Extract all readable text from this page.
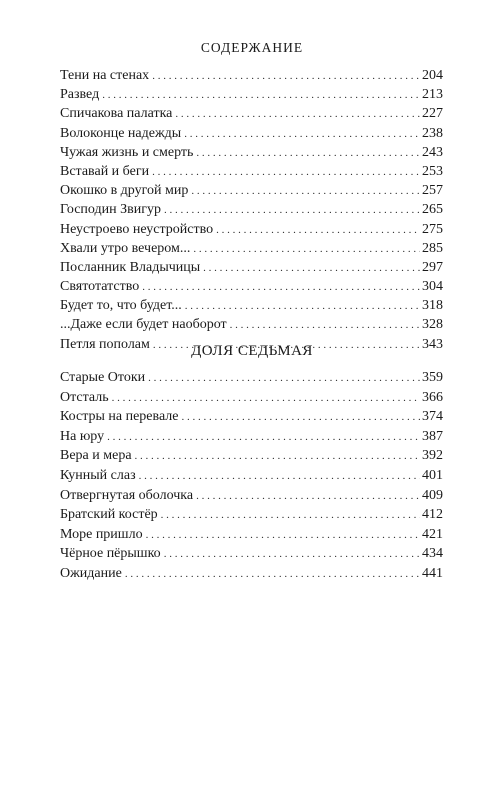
СОДЕРЖАНИЕ
Тени на стенах . . .	204
Развед . . .	213
Спичакова палатка . . .	227
Волоконце надежды . . .	238
Чужая жизнь и смерть . . .	243
Вставай и беги . . .	253
Окошко в другой мир . . .	257
Господин Звигур . . .	265
Неустроево неустройство . . .	275
Хвали утро вечером... . . .	285
Посланник Владычицы . . .	297
Святотатство . . .	304
Будет то, что будет... . . .	318
...Даже если будет наоборот . . .	328
Петля пополам . . .	343
ДОЛЯ СЕДЬМАЯ
Старые Отоки . . .	359
Отсталь . . .	366
Костры на перевале . . .	374
На юру . . .	387
Вера и мера . . .	392
Кунный слаз . . .	401
Отвергнутая оболочка . . .	409
Братский костёр . . .	412
Море пришло . . .	421
Чёрное пёрышко . . .	434
Ожидание . . .	441
